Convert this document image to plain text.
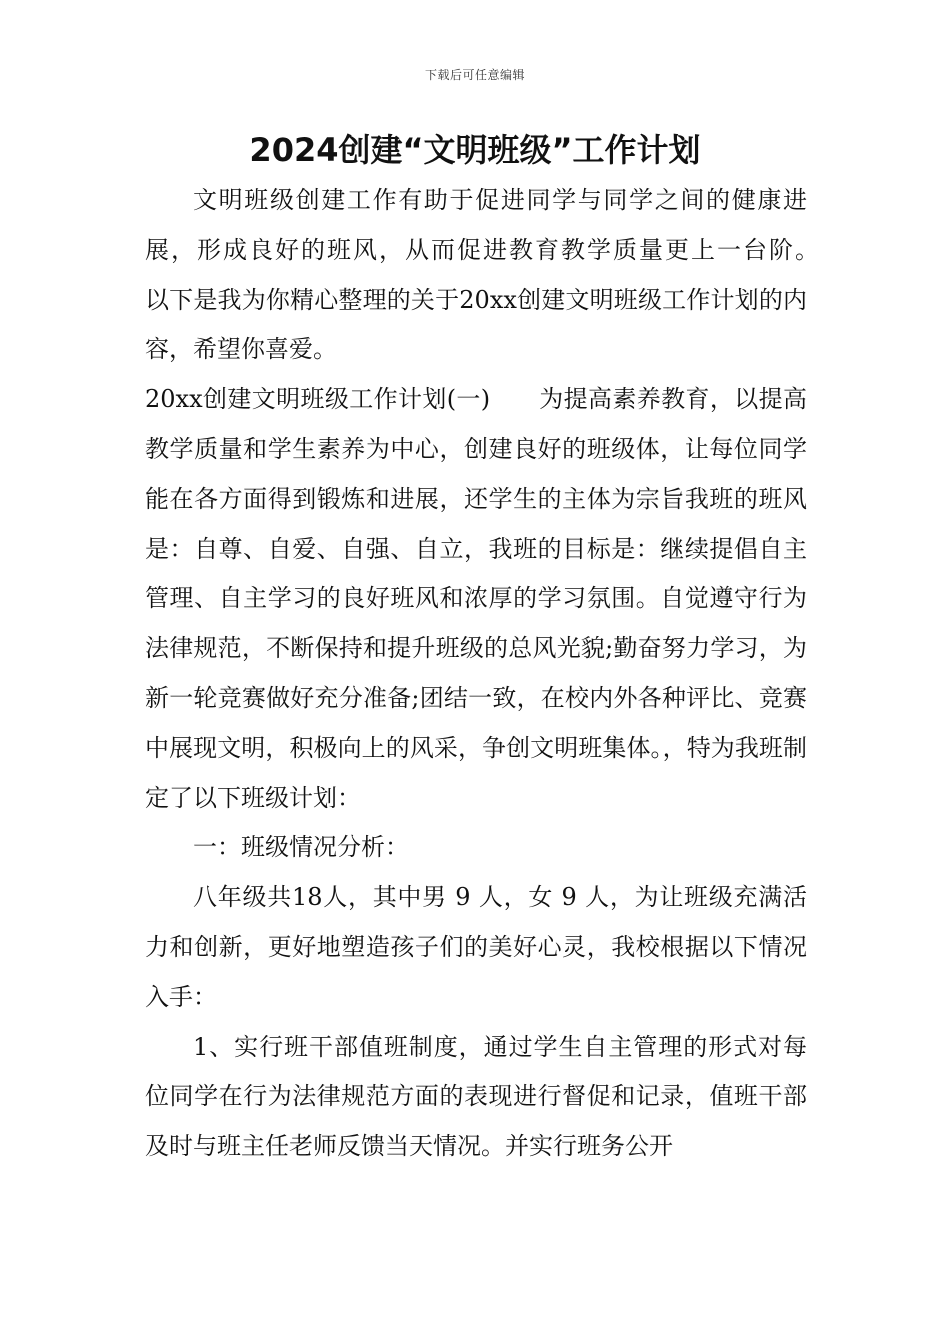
下载后可任意编辑
2024创建“文明班级”工作计划

文明班级创建工作有助于促进同学与同学之间的健康进展，形成良好的班风，从而促进教育教学质量更上一台阶。　 以下是我为你精心整理的关于20xx创建文明班级工作计划的内容，希望你喜爱。

20xx创建文明班级工作计划(一)　　为提高素养教育，以提高教学质量和学生素养为中心，创建良好的班级体，让每位同学能在各方面得到锻炼和进展，还学生的主体为宗旨我班的班风是：自尊、自爱、自强、自立，我班的目标是：继续提倡自主管理、自主学习的良好班风和浓厚的学习氛围。自觉遵守行为法律规范，不断保持和提升班级的总风光貌;勤奋努力学习，为新一轮竞赛做好充分准备;团结一致，在校内外各种评比、竞赛中展现文明，积极向上的风采，争创文明班集体。，特为我班制定了以下班级计划：

一：班级情况分析：

八年级共18人，其中男 9 人，女 9 人，为让班级充满活力和创新，更好地塑造孩子们的美好心灵，我校根据以下情况入手：

1、实行班干部值班制度，通过学生自主管理的形式对每位同学在行为法律规范方面的表现进行督促和记录，值班干部及时与班主任老师反馈当天情况。并实行班务公开
